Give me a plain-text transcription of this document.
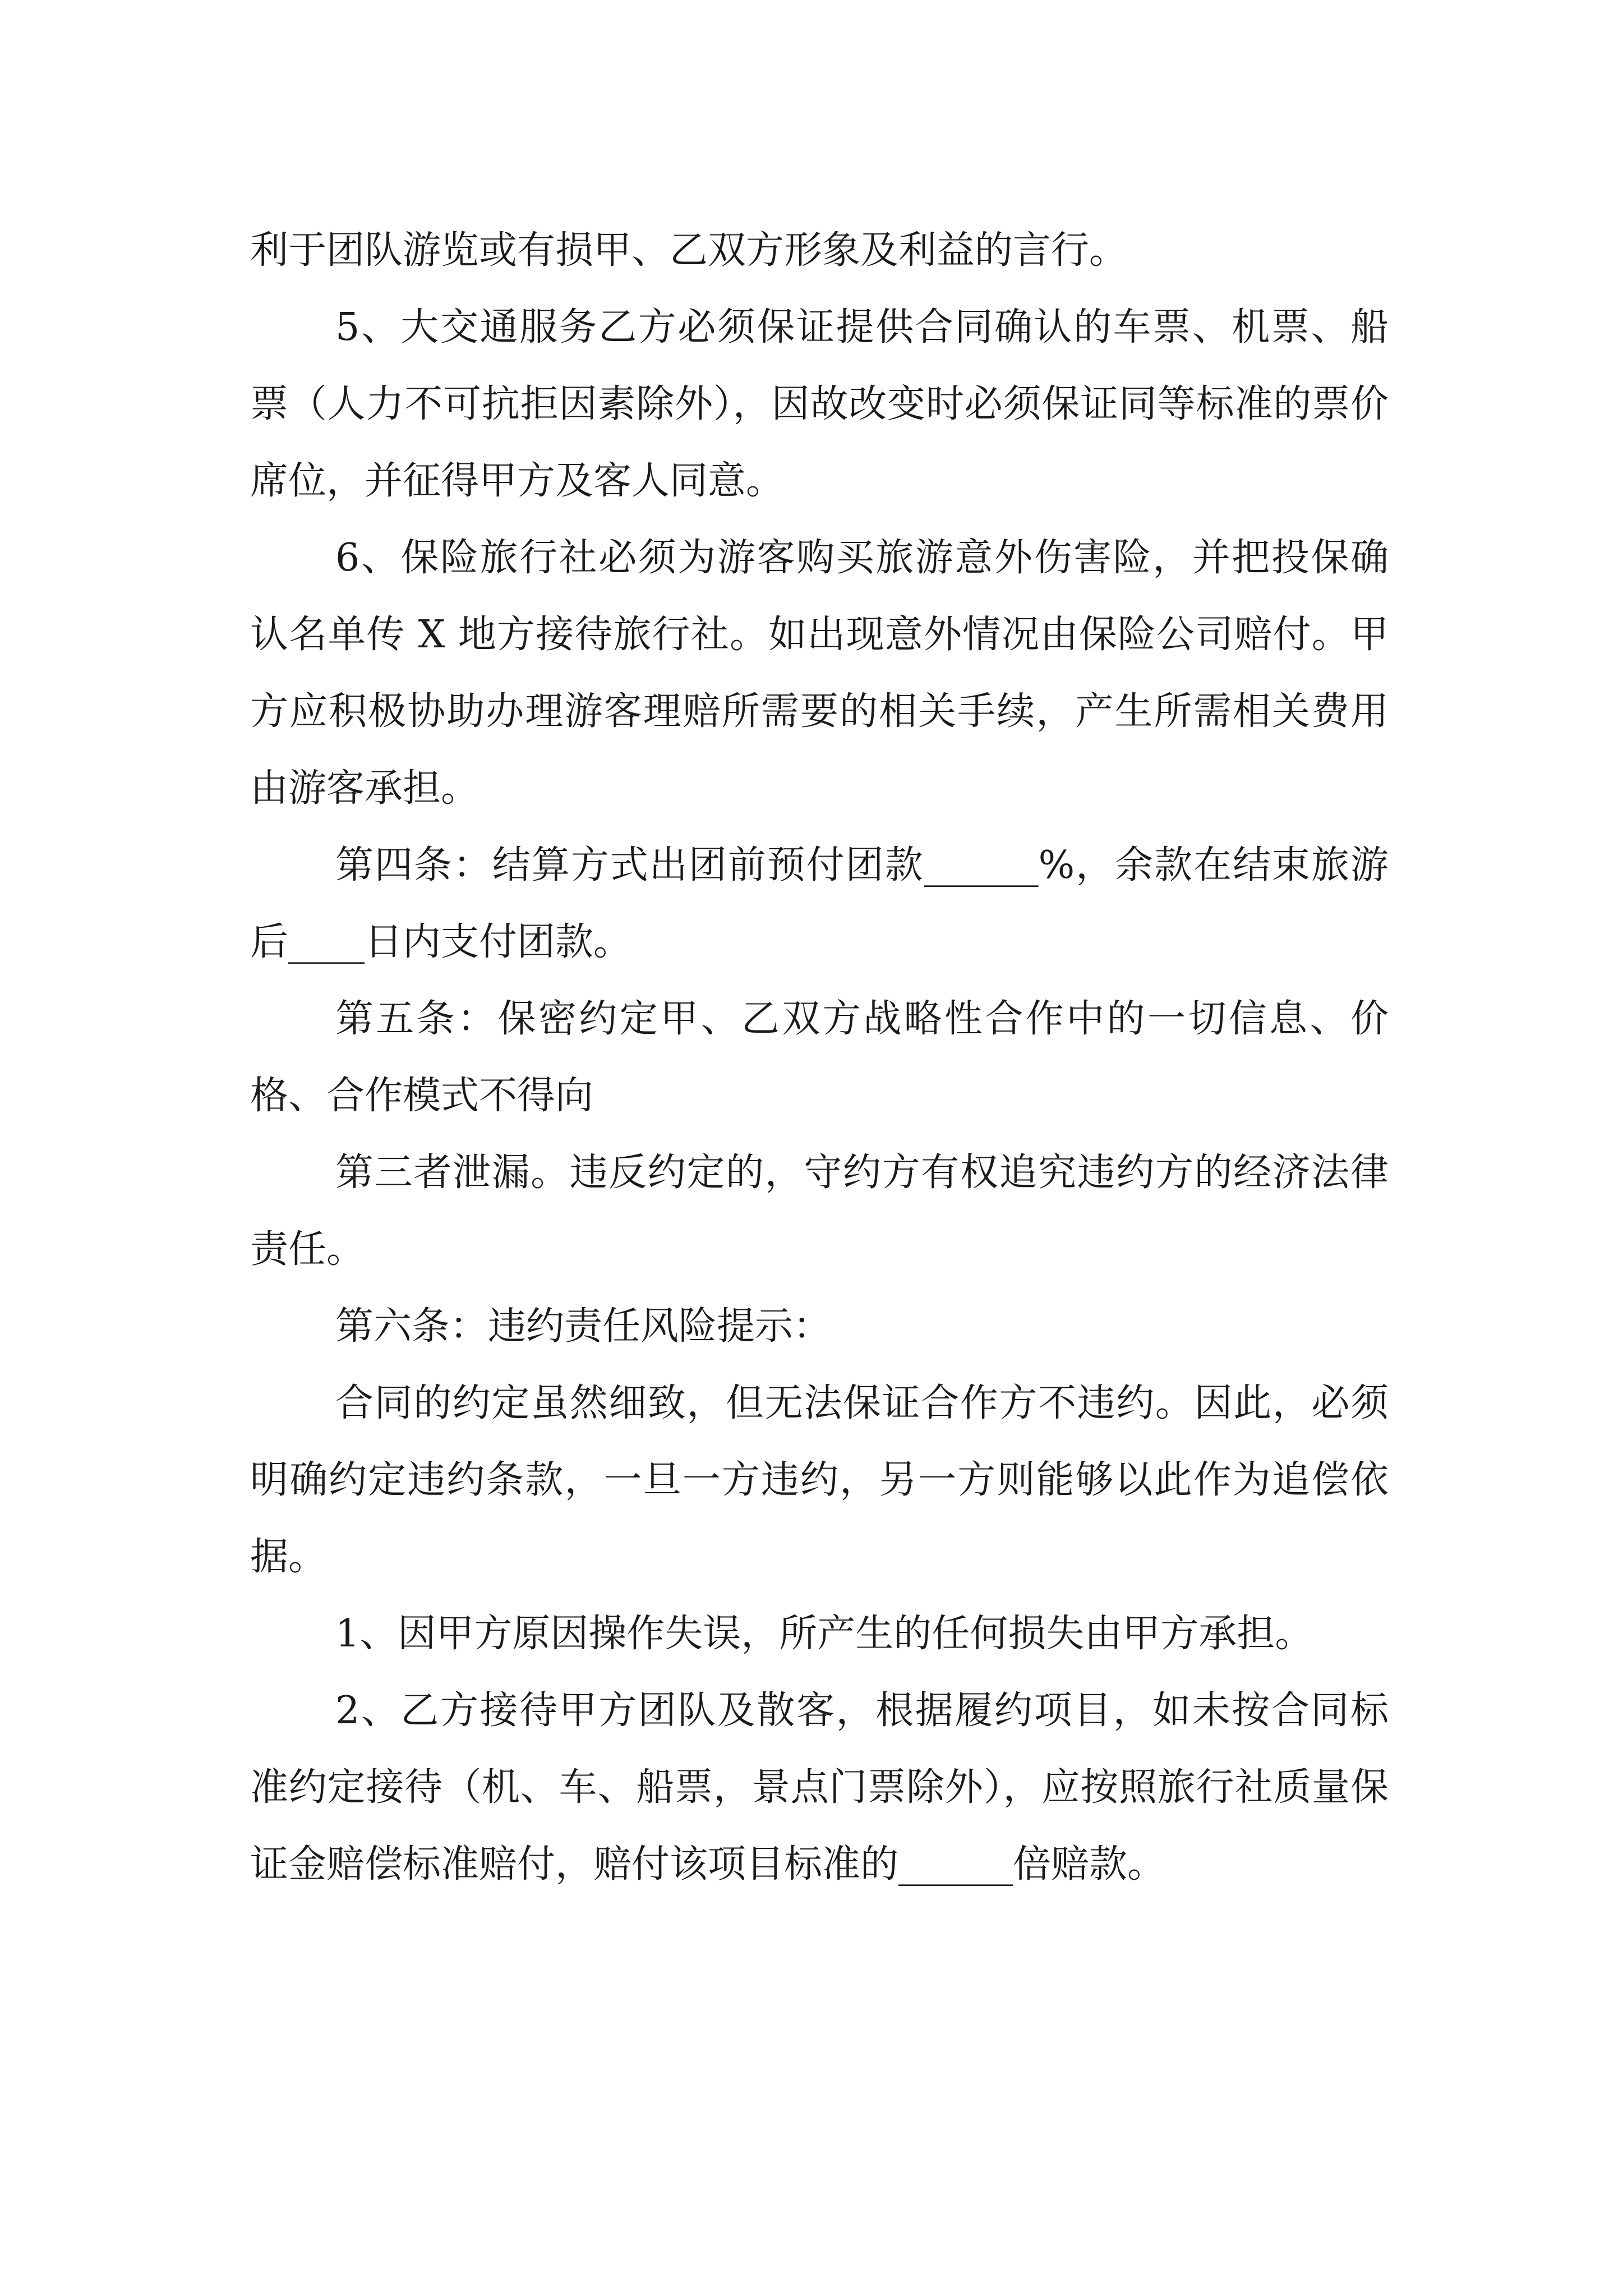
利于团队游览或有损甲、乙双方形象及利益的言行。

5、大交通服务乙方必须保证提供合同确认的车票、机票、船票（人力不可抗拒因素除外），因故改变时必须保证同等标准的票价席位，并征得甲方及客人同意。

6、保险旅行社必须为游客购买旅游意外伤害险，并把投保确认名单传 X 地方接待旅行社。如出现意外情况由保险公司赔付。甲方应积极协助办理游客理赔所需要的相关手续，产生所需相关费用由游客承担。

第四条：结算方式出团前预付团款______%，余款在结束旅游后____日内支付团款。

第五条：保密约定甲、乙双方战略性合作中的一切信息、价格、合作模式不得向

第三者泄漏。违反约定的，守约方有权追究违约方的经济法律责任。

第六条：违约责任风险提示：

合同的约定虽然细致，但无法保证合作方不违约。因此，必须明确约定违约条款，一旦一方违约，另一方则能够以此作为追偿依据。

1、因甲方原因操作失误，所产生的任何损失由甲方承担。

2、乙方接待甲方团队及散客，根据履约项目，如未按合同标准约定接待（机、车、船票，景点门票除外），应按照旅行社质量保证金赔偿标准赔付，赔付该项目标准的______倍赔款。
